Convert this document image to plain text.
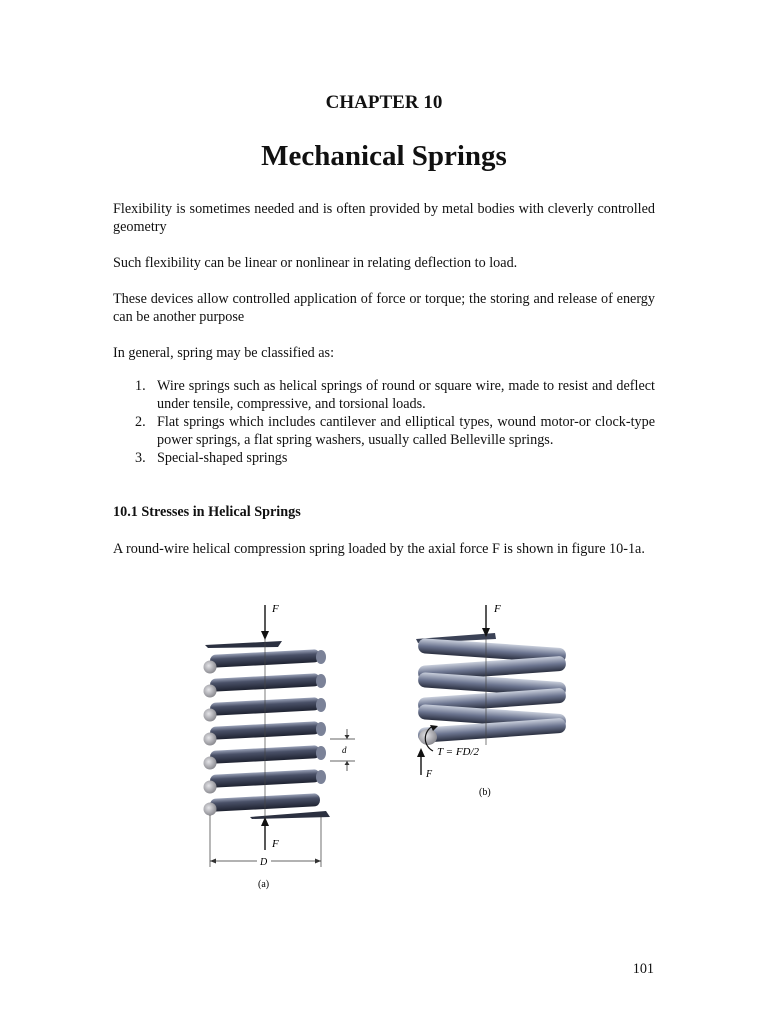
CHAPTER 10
Mechanical Springs

Flexibility is sometimes needed and is often provided by metal bodies with cleverly controlled geometry

Such flexibility can be linear or nonlinear in relating deflection to load.

These devices allow controlled application of force or torque; the storing and release of energy can be another purpose

In general, spring may be classified as:

1. Wire springs such as helical springs of round or square wire, made to resist and deflect under tensile, compressive, and torsional loads.
2. Flat springs which includes cantilever and elliptical types, wound motor-or clock-type power springs, a flat spring washers, usually called Belleville springs.
3. Special-shaped springs
10.1 Stresses in Helical Springs

A round-wire helical compression spring loaded by the axial force F is shown in figure 10-1a.

F
F
d
D
(a)
F
T = FD/2
F
(b)
101
